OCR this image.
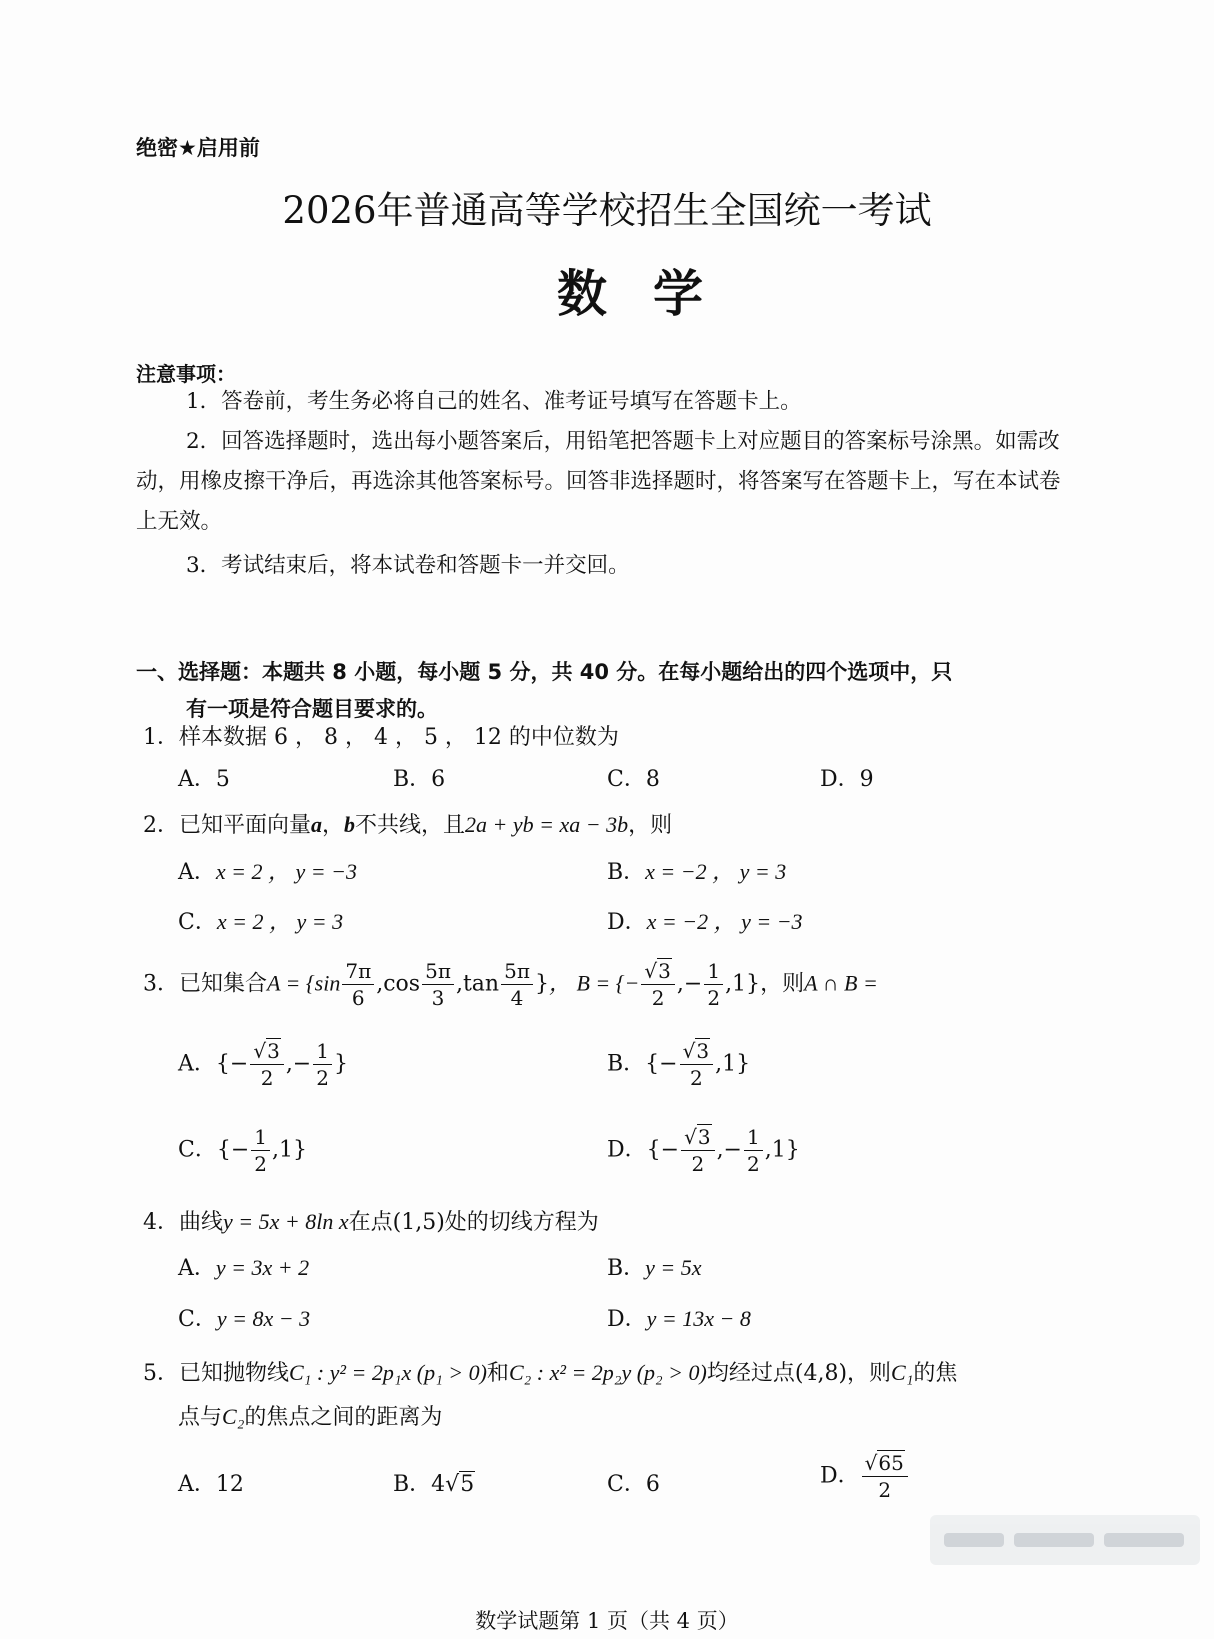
绝密★启用前
2026年普通高等学校招生全国统一考试
数学
注意事项：
1．答卷前，考生务必将自己的姓名、准考证号填写在答题卡上。
2．回答选择题时，选出每小题答案后，用铅笔把答题卡上对应题目的答案标号涂黑。如需改动，用橡皮擦干净后，再选涂其他答案标号。回答非选择题时，将答案写在答题卡上，写在本试卷上无效。
3．考试结束后，将本试卷和答题卡一并交回。
一、选择题：本题共 8 小题，每小题 5 分，共 40 分。在每小题给出的四个选项中，只
有一项是符合题目要求的。
1．样本数据 6 ， 8 ， 4 ， 5 ， 12 的中位数为
A．5	B．6	C．8	D．9
2．已知平面向量a，b不共线，且2a + yb = xa − 3b，则
A．x = 2 ， y = −3	B．x = −2 ， y = 3
C．x = 2 ， y = 3	D．x = −2 ， y = −3
3．已知集合$A = \{\sin \frac{7\pi}{6} ,\cos \frac{5\pi}{3} ,\tan \frac{5\pi}{4}$ }， B = {− $\frac{√3}{2}$ ,− $\frac{1}{2} ,1$}，则A ∩ B =
A．{− $\frac{√3}{2}$ ,− $\frac{1}{2}$ }	B．{− $\frac{√3}{2} ,1$}
C．{− $\frac{1}{2} ,1$}	D．{− $\frac{√3}{2}$ ,− $\frac{1}{2} ,1$}
4．曲线y = 5x + 8ln x在点(1,5)处的切线方程为
A．y = 3x + 2	B．y = 5x
C．y = 8x − 3	D．y = 13x − 8
5．已知抛物线C₁ : y² = 2p₁x (p₁ > 0)和C₂ : x² = 2p₂y (p₂ > 0)均经过点(4,8)，则C₁的焦
点与C₂的焦点之间的距离为
A．12	B．4√5	C．6	D． $\frac{√65}{2}$
数学试题第 1 页（共 4 页）
